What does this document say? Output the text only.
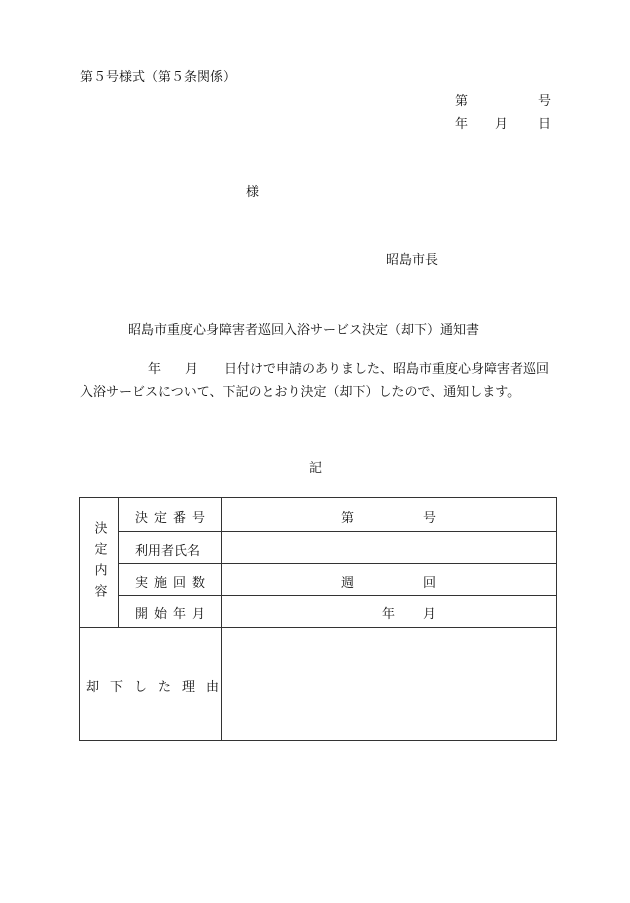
第５号様式（第５条関係）
第	号
年 月 日
様
昭島市長
昭島市重度心身障害者巡回入浴サービス決定（却下）通知書
年 月 日付けで申請のありました、昭島市重度心身障害者巡回入浴サービスについて、下記のとおり決定（却下）したので、通知します。
記
決定内容
決定番号	第	号
利用者氏名
実施回数	週	回
開始年月	年 月
却下した理由
